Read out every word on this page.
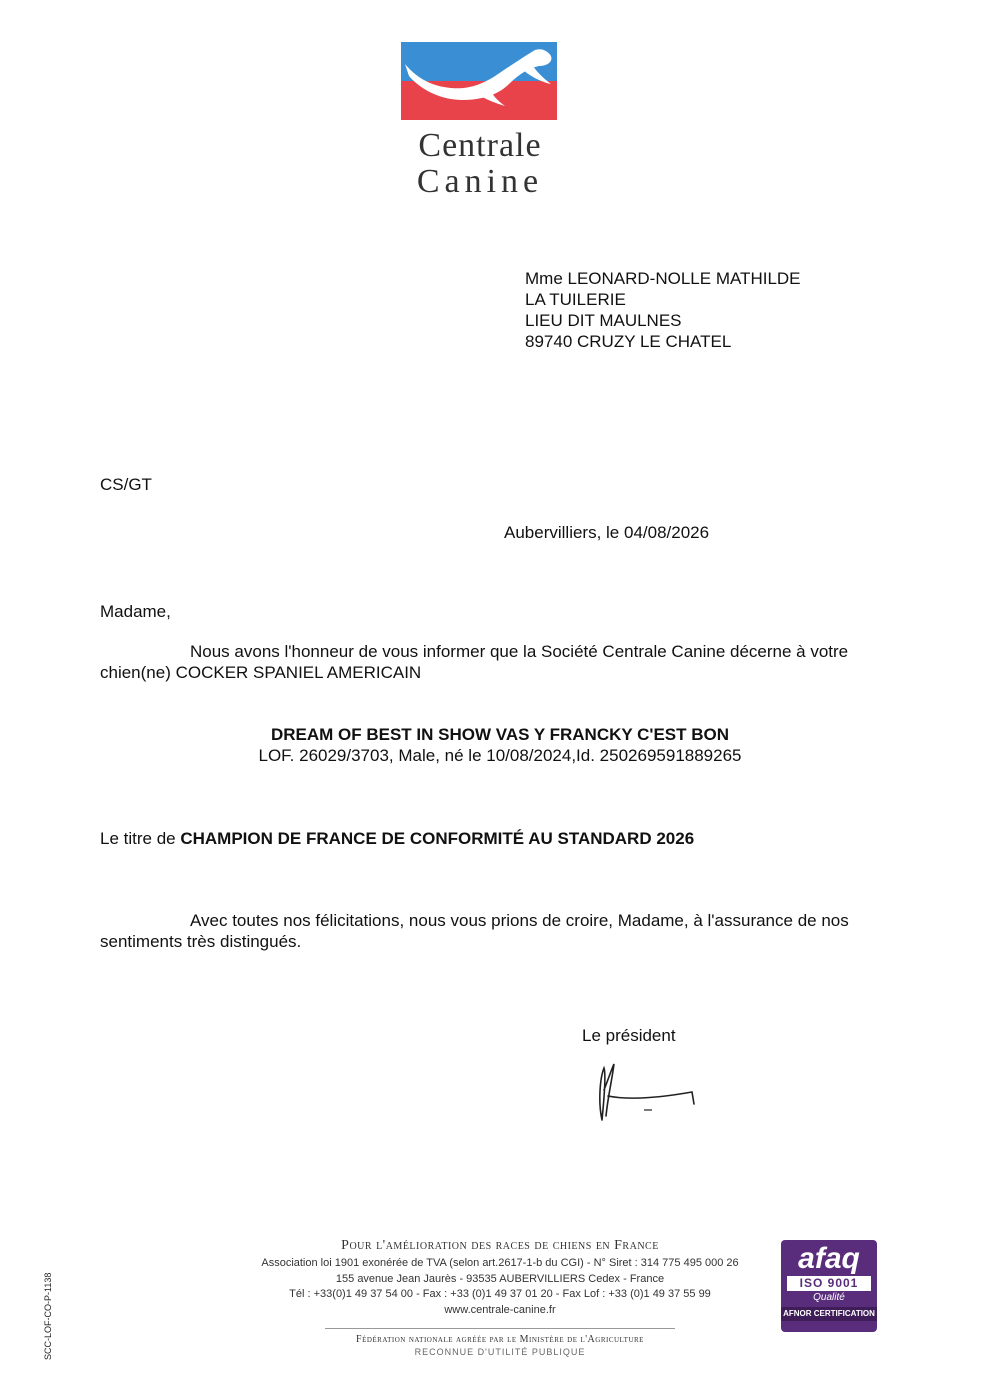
Centrale
Canine
Mme LEONARD-NOLLE MATHILDE
LA TUILERIE
LIEU DIT MAULNES
89740 CRUZY LE CHATEL
CS/GT
Aubervilliers, le 04/08/2026
Madame,
Nous avons l'honneur de vous informer que la Société Centrale Canine décerne à votre
chien(ne) COCKER SPANIEL AMERICAIN
DREAM OF BEST IN SHOW VAS Y FRANCKY C'EST BON
LOF. 26029/3703, Male, né le 10/08/2024,Id. 250269591889265
Le titre de CHAMPION DE FRANCE DE CONFORMITÉ AU STANDARD 2026
Avec toutes nos félicitations, nous vous prions de croire, Madame, à l'assurance de nos
sentiments très distingués.
Le président
Pour l'amélioration des races de chiens en France
Association loi 1901 exonérée de TVA (selon art.2617-1-b du CGI) - N° Siret : 314 775 495 000 26
155 avenue Jean Jaurès - 93535 AUBERVILLIERS Cedex - France
Tél : +33(0)1 49 37 54 00 - Fax : +33 (0)1 49 37 01 20 - Fax Lof : +33 (0)1 49 37 55 99
www.centrale-canine.fr
Fédération nationale agréée par le Ministère de l'Agriculture
RECONNUE D'UTILITÉ PUBLIQUE
afaq
ISO 9001
Qualité
AFNOR CERTIFICATION
SCC-LOF-CO-P-1138
